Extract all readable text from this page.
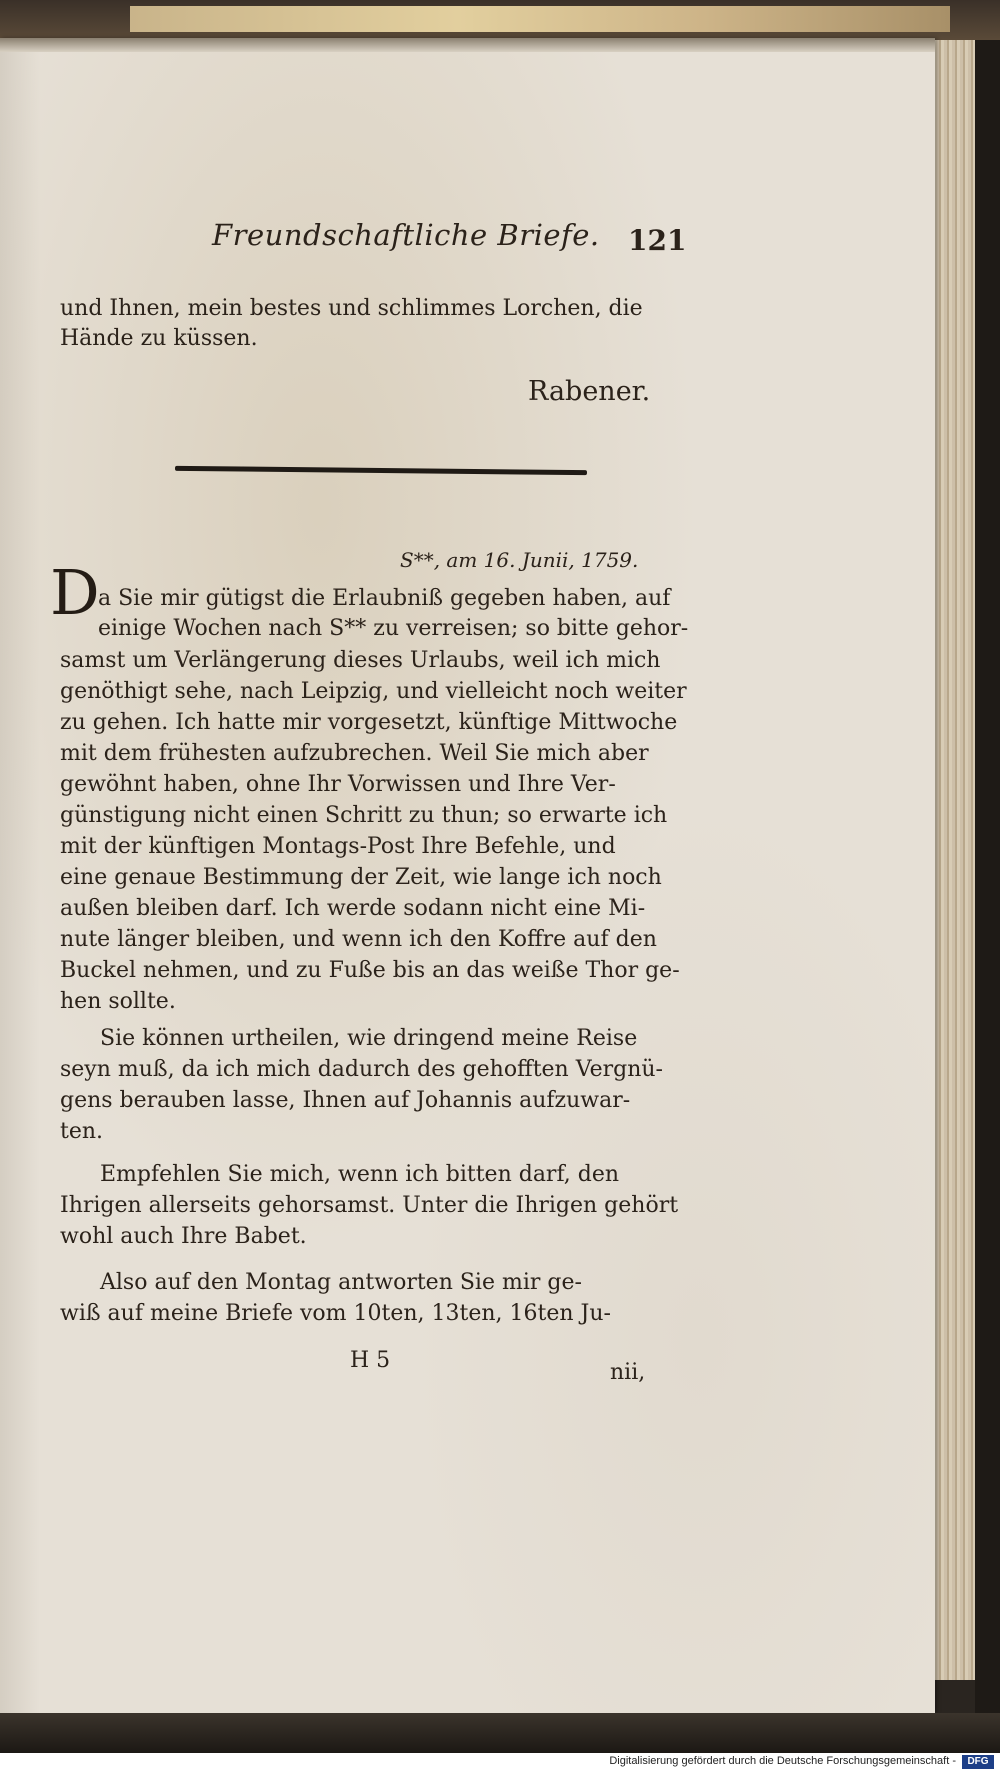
Freundschaftliche Briefe. 121
und Ihnen, mein bestes und schlimmes Lorchen, die
Hände zu küssen.
Rabener.
S**, am 16. Junii, 1759.
D
a Sie mir gütigst die Erlaubniß gegeben haben, auf
einige Wochen nach S** zu verreisen; so bitte gehor-
samst um Verlängerung dieses Urlaubs, weil ich mich
genöthigt sehe, nach Leipzig, und vielleicht noch weiter
zu gehen. Ich hatte mir vorgesetzt, künftige Mittwoche
mit dem frühesten aufzubrechen. Weil Sie mich aber
gewöhnt haben, ohne Ihr Vorwissen und Ihre Ver-
günstigung nicht einen Schritt zu thun; so erwarte ich
mit der künftigen Montags-Post Ihre Befehle, und
eine genaue Bestimmung der Zeit, wie lange ich noch
außen bleiben darf. Ich werde sodann nicht eine Mi-
nute länger bleiben, und wenn ich den Koffre auf den
Buckel nehmen, und zu Fuße bis an das weiße Thor ge-
hen sollte.
Sie können urtheilen, wie dringend meine Reise
seyn muß, da ich mich dadurch des gehofften Vergnü-
gens berauben lasse, Ihnen auf Johannis aufzuwar-
ten.
Empfehlen Sie mich, wenn ich bitten darf, den
Ihrigen allerseits gehorsamst. Unter die Ihrigen gehört
wohl auch Ihre Babet.
Also auf den Montag antworten Sie mir ge-
wiß auf meine Briefe vom 10ten, 13ten, 16ten Ju-
H 5	nii,
Digitalisierung gefördert durch die Deutsche Forschungsgemeinschaft -	DFG
